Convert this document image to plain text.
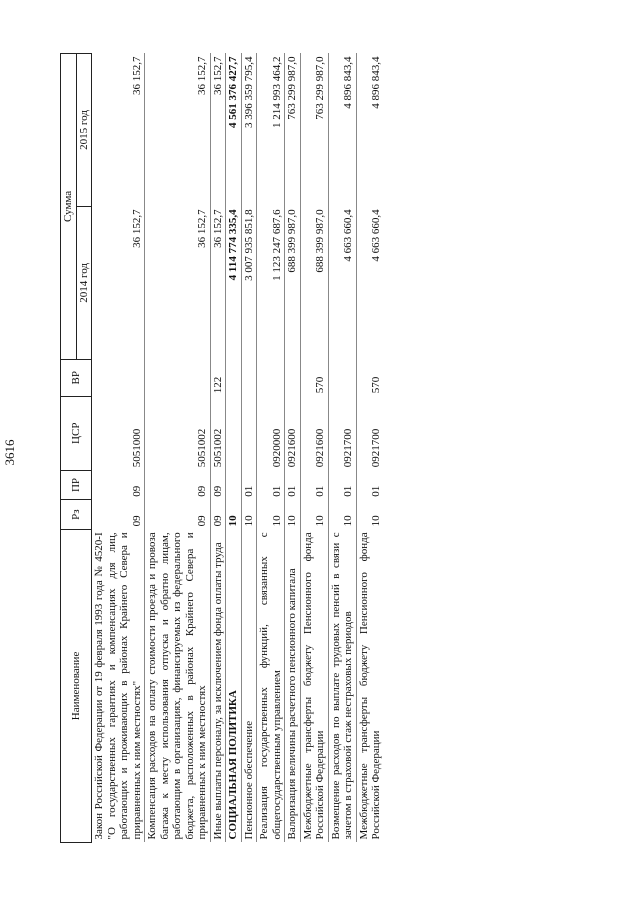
3616
Наименование	Рз	ПР	ЦСР	ВР	Сумма	
					2014 год	2015 год
Закон Российской Федерации от 19 февраля 1993 года № 4520-I "О государственных гарантиях и компенсациях для лиц, работающих и проживающих в районах Крайнего Севера и приравненных к ним местностях"	09	09	5051000		36 152,7	36 152,7
Компенсация расходов на оплату стоимости проезда и провоза багажа к месту использования отпуска и обратно лицам, работающим в организациях, финансируемых из федерального бюджета, расположенных в районах Крайнего Севера и приравненных к ним местностях	09	09	5051002		36 152,7	36 152,7
Иные выплаты персоналу, за исключением фонда оплаты труда	09	09	5051002	122	36 152,7	36 152,7
СОЦИАЛЬНАЯ ПОЛИТИКА	10				4 114 774 335,4	4 561 376 427,7
Пенсионное обеспечение	10	01			3 007 935 851,8	3 396 359 795,4
Реализация государственных функций, связанных с общегосударственным управлением	10	01	0920000		1 123 247 687,6	1 214 993 464,2
Валоризация величины расчетного пенсионного капитала	10	01	0921600		688 399 987,0	763 299 987,0
Межбюджетные трансферты бюджету Пенсионного фонда Российской Федерации	10	01	0921600	570	688 399 987,0	763 299 987,0
Возмещение расходов по выплате трудовых пенсий в связи с зачетом в страховой стаж нестраховых периодов	10	01	0921700		4 663 660,4	4 896 843,4
Межбюджетные трансферты бюджету Пенсионного фонда Российской Федерации	10	01	0921700	570	4 663 660,4	4 896 843,4
